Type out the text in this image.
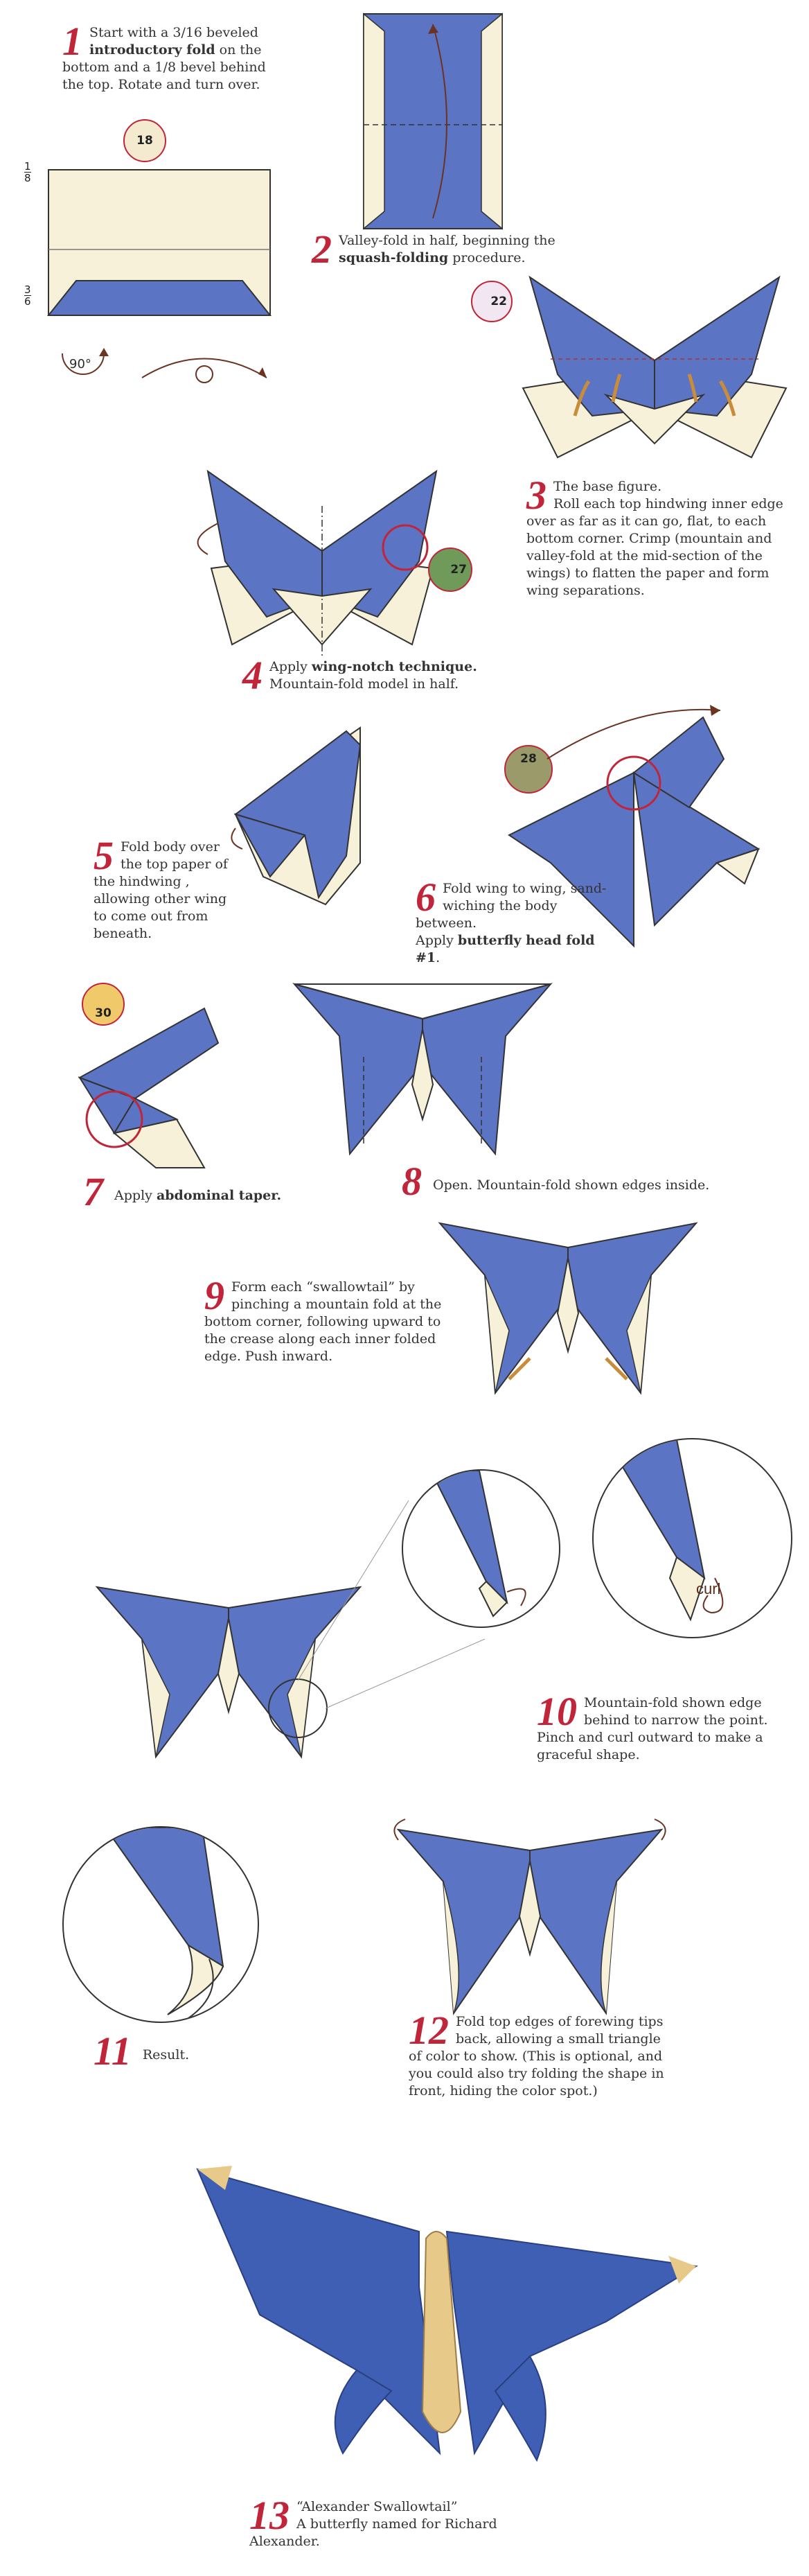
1 Start with a 3/16 beveled introductory fold on the bottom and a 1/8 bevel behind the top. Rotate and turn over.
18
$\frac{1}{8}$
$\frac{3}{6}$
90°
2 Valley-fold in half, beginning the squash-folding procedure.
22
3 The base figure.
Roll each top hindwing inner edge over as far as it can go, flat, to each bottom corner. Crimp (mountain and valley-fold at the mid-section of the wings) to flatten the paper and form wing separations.
27
4 Apply wing-notch technique.
Mountain-fold model in half.
5 Fold body over the top paper of the hindwing , allowing other wing to come out from beneath.
28
6 Fold wing to wing, sand-wiching the body between.
Apply butterfly head fold #1.
30
7 Apply abdominal taper.	8 Open. Mountain-fold shown edges inside.
9 Form each “swallowtail” by pinching a mountain fold at the bottom corner, following upward to the crease along each inner folded edge. Push inward.
curl
10 Mountain-fold shown edge behind to narrow the point. Pinch and curl outward to make a graceful shape.
11 Result.
12 Fold top edges of forewing tips back, allowing a small triangle of color to show. (This is optional, and you could also try folding the shape in front, hiding the color spot.)
13 “Alexander Swallowtail”
A butterfly named for Richard Alexander.
